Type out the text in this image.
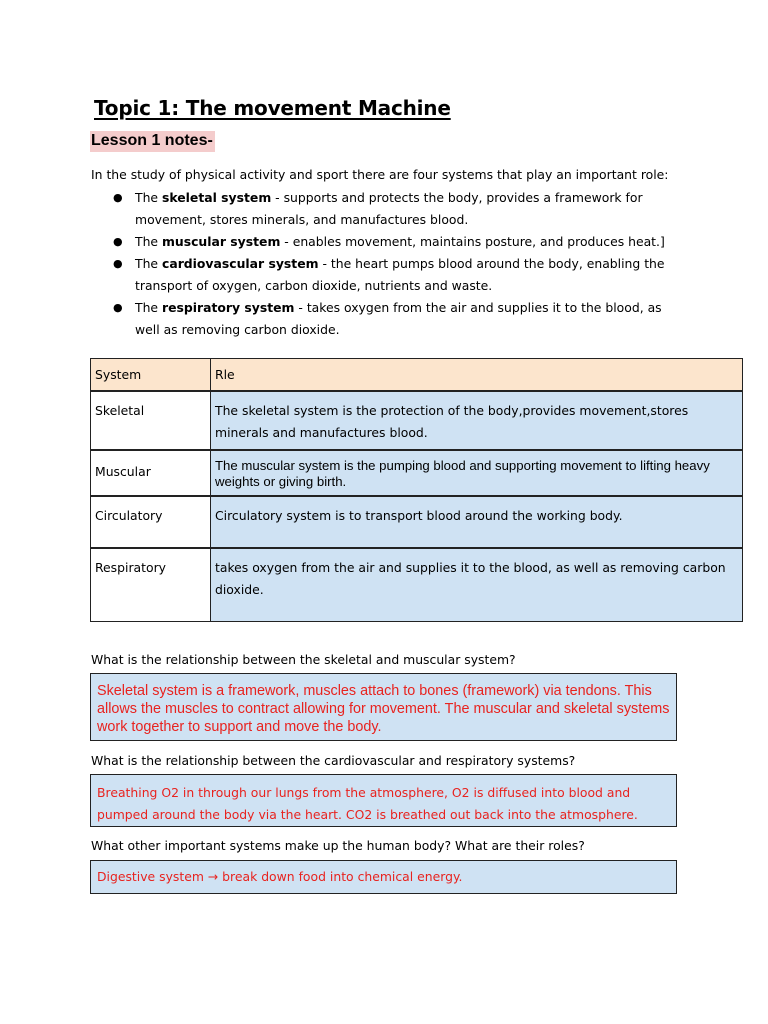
Topic 1: The movement Machine
Lesson 1 notes-
In the study of physical activity and sport there are four systems that play an important role:
● The skeletal system - supports and protects the body, provides a framework for movement, stores minerals, and manufactures blood.
● The muscular system - enables movement, maintains posture, and produces heat.]
● The cardiovascular system - the heart pumps blood around the body, enabling the transport of oxygen, carbon dioxide, nutrients and waste.
● The respiratory system - takes oxygen from the air and supplies it to the blood, as well as removing carbon dioxide.
System	Rle
Skeletal	The skeletal system is the protection of the body,provides movement,stores minerals and manufactures blood.
Muscular	The muscular system is the pumping blood and supporting movement to lifting heavy weights or giving birth.
Circulatory	Circulatory system is to transport blood around the working body.
Respiratory	takes oxygen from the air and supplies it to the blood, as well as removing carbon dioxide.
What is the relationship between the skeletal and muscular system?
Skeletal system is a framework, muscles attach to bones (framework) via tendons. This allows the muscles to contract allowing for movement. The muscular and skeletal systems work together to support and move the body.
What is the relationship between the cardiovascular and respiratory systems?
Breathing O2 in through our lungs from the atmosphere, O2 is diffused into blood and pumped around the body via the heart. CO2 is breathed out back into the atmosphere.
What other important systems make up the human body? What are their roles?
Digestive system → break down food into chemical energy.
